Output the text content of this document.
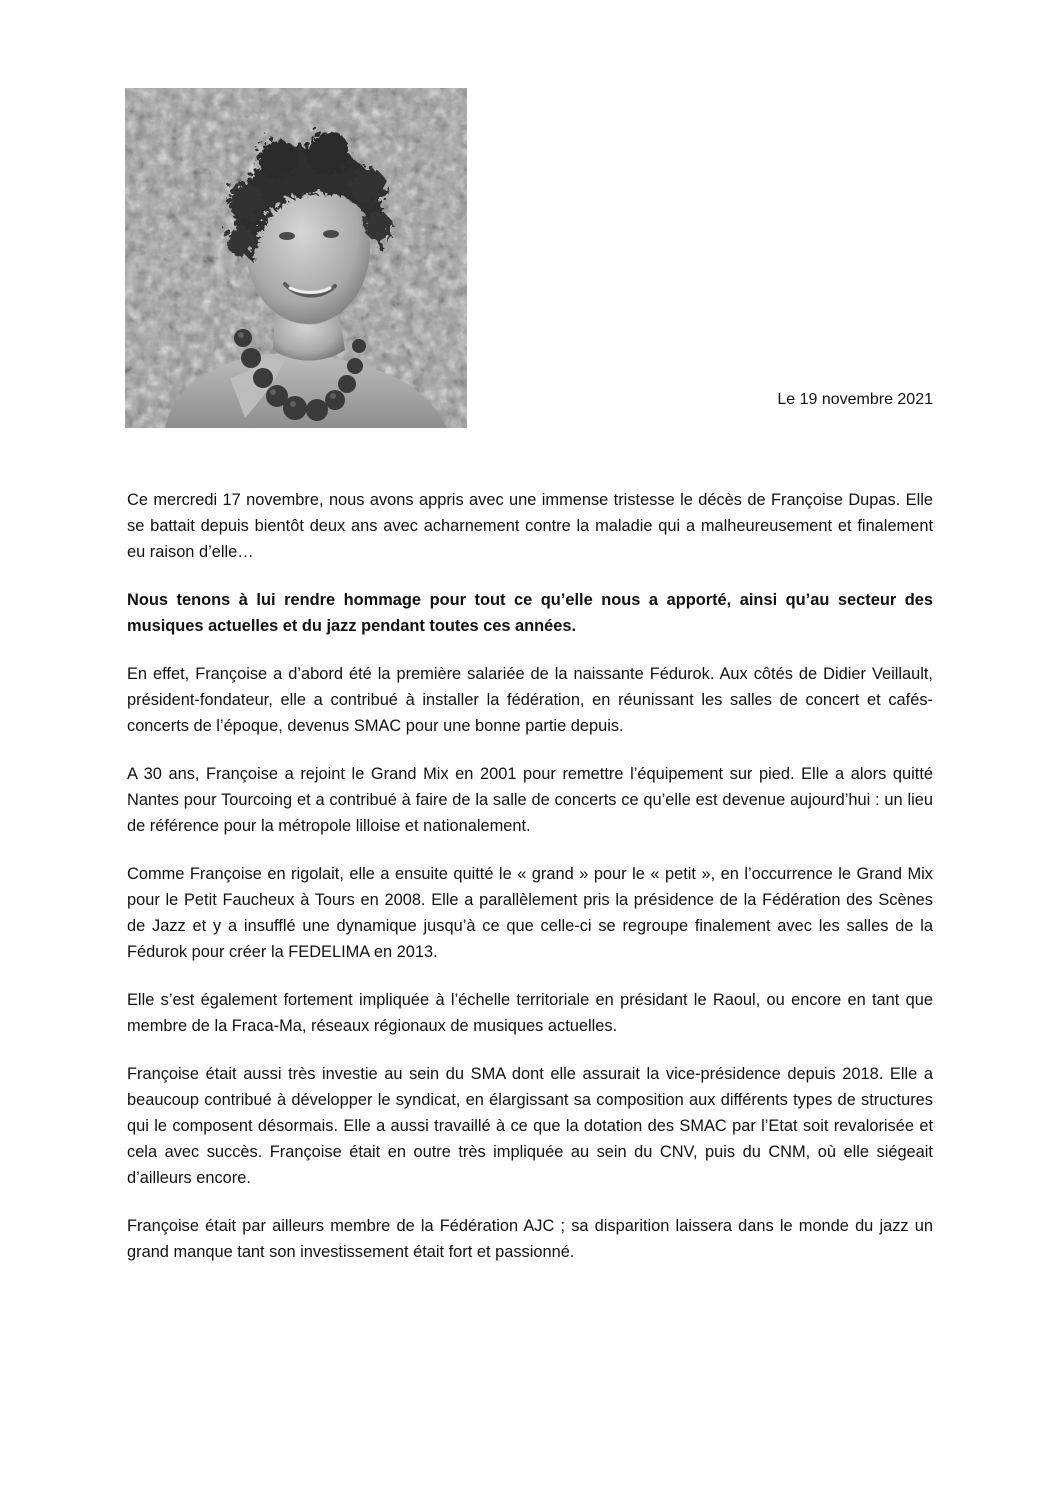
Le 19 novembre 2021

Ce mercredi 17 novembre, nous avons appris avec une immense tristesse le décès de Françoise Dupas. Elle se battait depuis bientôt deux ans avec acharnement contre la maladie qui a malheureusement et finalement eu raison d’elle…

Nous tenons à lui rendre hommage pour tout ce qu’elle nous a apporté, ainsi qu’au secteur des musiques actuelles et du jazz pendant toutes ces années.

En effet, Françoise a d’abord été la première salariée de la naissante Fédurok. Aux côtés de Didier Veillault, président-fondateur, elle a contribué à installer la fédération, en réunissant les salles de concert et cafés-concerts de l’époque, devenus SMAC pour une bonne partie depuis.

A 30 ans, Françoise a rejoint le Grand Mix en 2001 pour remettre l’équipement sur pied. Elle a alors quitté Nantes pour Tourcoing et a contribué à faire de la salle de concerts ce qu’elle est devenue aujourd’hui : un lieu de référence pour la métropole lilloise et nationalement.

Comme Françoise en rigolait, elle a ensuite quitté le « grand » pour le « petit », en l’occurrence le Grand Mix pour le Petit Faucheux à Tours en 2008. Elle a parallèlement pris la présidence de la Fédération des Scènes de Jazz et y a insufflé une dynamique jusqu’à ce que celle-ci se regroupe finalement avec les salles de la Fédurok pour créer la FEDELIMA en 2013.

Elle s’est également fortement impliquée à l’échelle territoriale en présidant le Raoul, ou encore en tant que membre de la Fraca-Ma, réseaux régionaux de musiques actuelles.

Françoise était aussi très investie au sein du SMA dont elle assurait la vice-présidence depuis 2018. Elle a beaucoup contribué à développer le syndicat, en élargissant sa composition aux différents types de structures qui le composent désormais. Elle a aussi travaillé à ce que la dotation des SMAC par l’Etat soit revalorisée et cela avec succès. Françoise était en outre très impliquée au sein du CNV, puis du CNM, où elle siégeait d’ailleurs encore.

Françoise était par ailleurs membre de la Fédération AJC ; sa disparition laissera dans le monde du jazz un grand manque tant son investissement était fort et passionné.
